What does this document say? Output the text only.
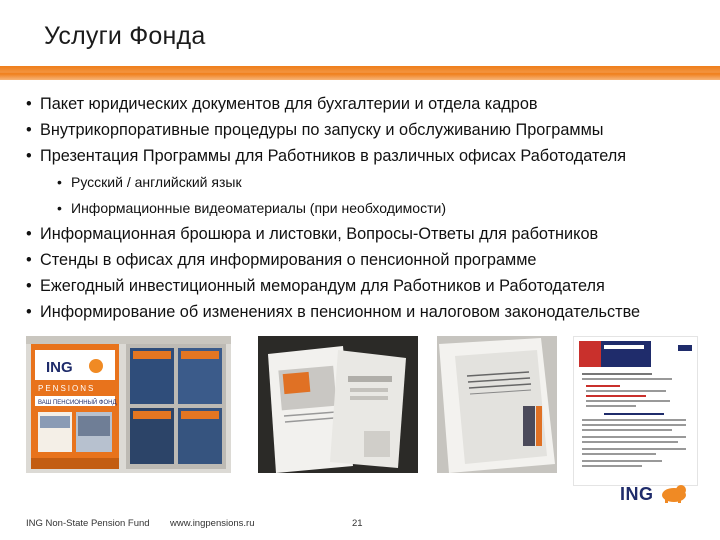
Услуги Фонда

• Пакет юридических документов для бухгалтерии и отдела кадров

• Внутрикорпоративные процедуры по запуску и обслуживанию Программы

• Презентация Программы для Работников в различных офисах Работодателя

• Русский / английский язык

• Информационные видеоматериалы (при необходимости)

• Информационная брошюра и листовки, Вопросы-Ответы для работников

• Стенды в офисах для информирования о пенсионной программе

• Ежегодный инвестиционный меморандум для Работников и Работодателя

• Информирование об изменениях в пенсионном и налоговом законодательстве

ING
PENSIONS
ВАШ ПЕНСИОННЫЙ ФОНД
ING
ING Non-State Pension Fund www.ingpensions.ru	21
